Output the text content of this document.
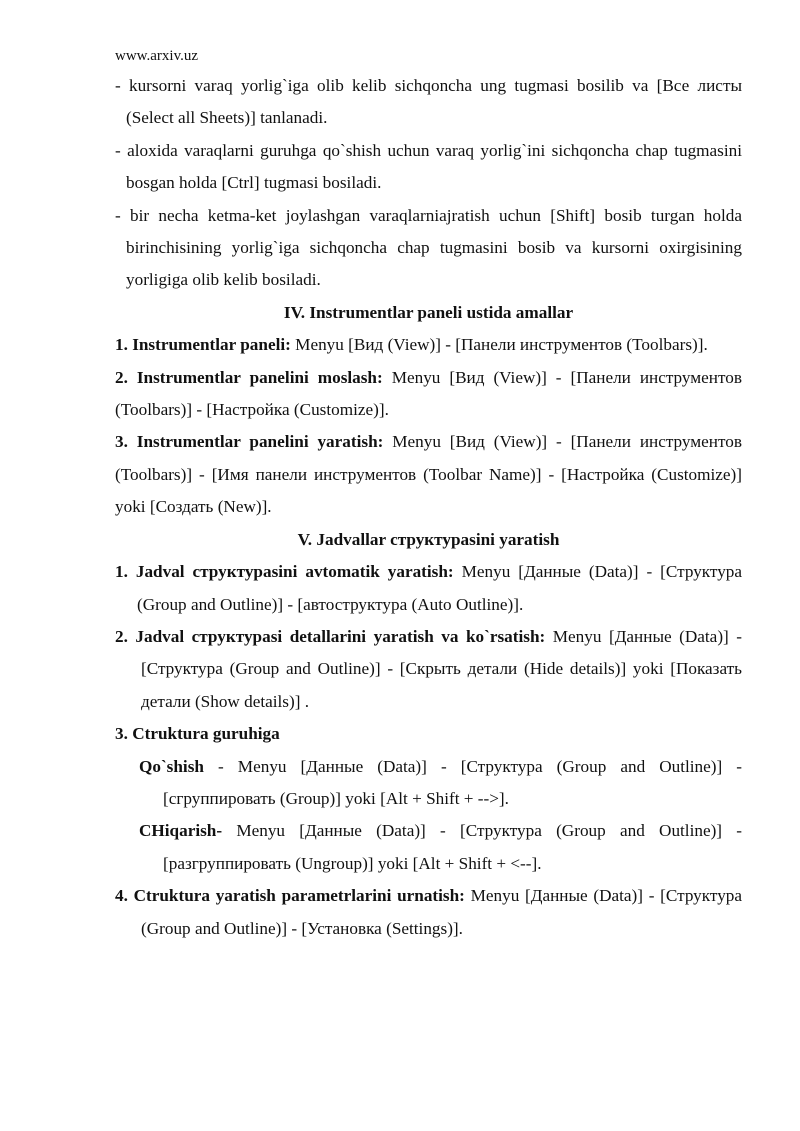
www.arxiv.uz

- kursorni varaq yorlig`iga olib kelib sichqoncha ung tugmasi bosilib va [Все листы (Select all Sheets)] tanlanadi.

- aloxida varaqlarni guruhga qo`shish uchun varaq yorlig`ini sichqoncha chap tugmasini bosgan holda [Ctrl] tugmasi bosiladi.

- bir necha ketma-ket joylashgan varaqlarniajratish uchun [Shift] bosib turgan holda birinchisining yorlig`iga sichqoncha chap tugmasini bosib va kursorni oxirgisining yorligiga olib kelib bosiladi.

IV. Instrumentlar paneli ustida amallar

1. Instrumentlar paneli: Menyu [Вид (View)] - [Панели инструментов (Toolbars)].

2. Instrumentlar panelini moslash: Menyu [Вид (View)] - [Панели инструментов (Toolbars)] - [Настройка (Customize)].

3. Instrumentlar panelini yaratish: Menyu [Вид (View)] - [Панели инструментов (Toolbars)] - [Имя панели инструментов (Toolbar Name)] - [Настройка (Customize)] yoki [Создать (New)].

V. Jadvallar структурasini yaratish

1. Jadval структурasini avtomatik yaratish: Menyu [Данные (Data)] - [Структура (Group and Outline)] - [автоструктура (Auto Outline)].

2. Jadval структурasi detallarini yaratish va ko`rsatish: Menyu [Данные (Data)] - [Структура (Group and Outline)] - [Скрыть детали (Hide details)] yoki [Показать детали (Show details)] .

3. Ctruktura guruhiga

Qo`shish - Menyu [Данные (Data)] - [Структура (Group and Outline)] - [сгруппировать (Group)] yoki [Alt + Shift + -->].

CHiqarish- Menyu [Данные (Data)] - [Структура (Group and Outline)] - [разгруппировать (Ungroup)] yoki [Alt + Shift + <--].

4. Ctruktura yaratish parametrlarini urnatish: Menyu [Данные (Data)] - [Структура (Group and Outline)] - [Установка (Settings)].
